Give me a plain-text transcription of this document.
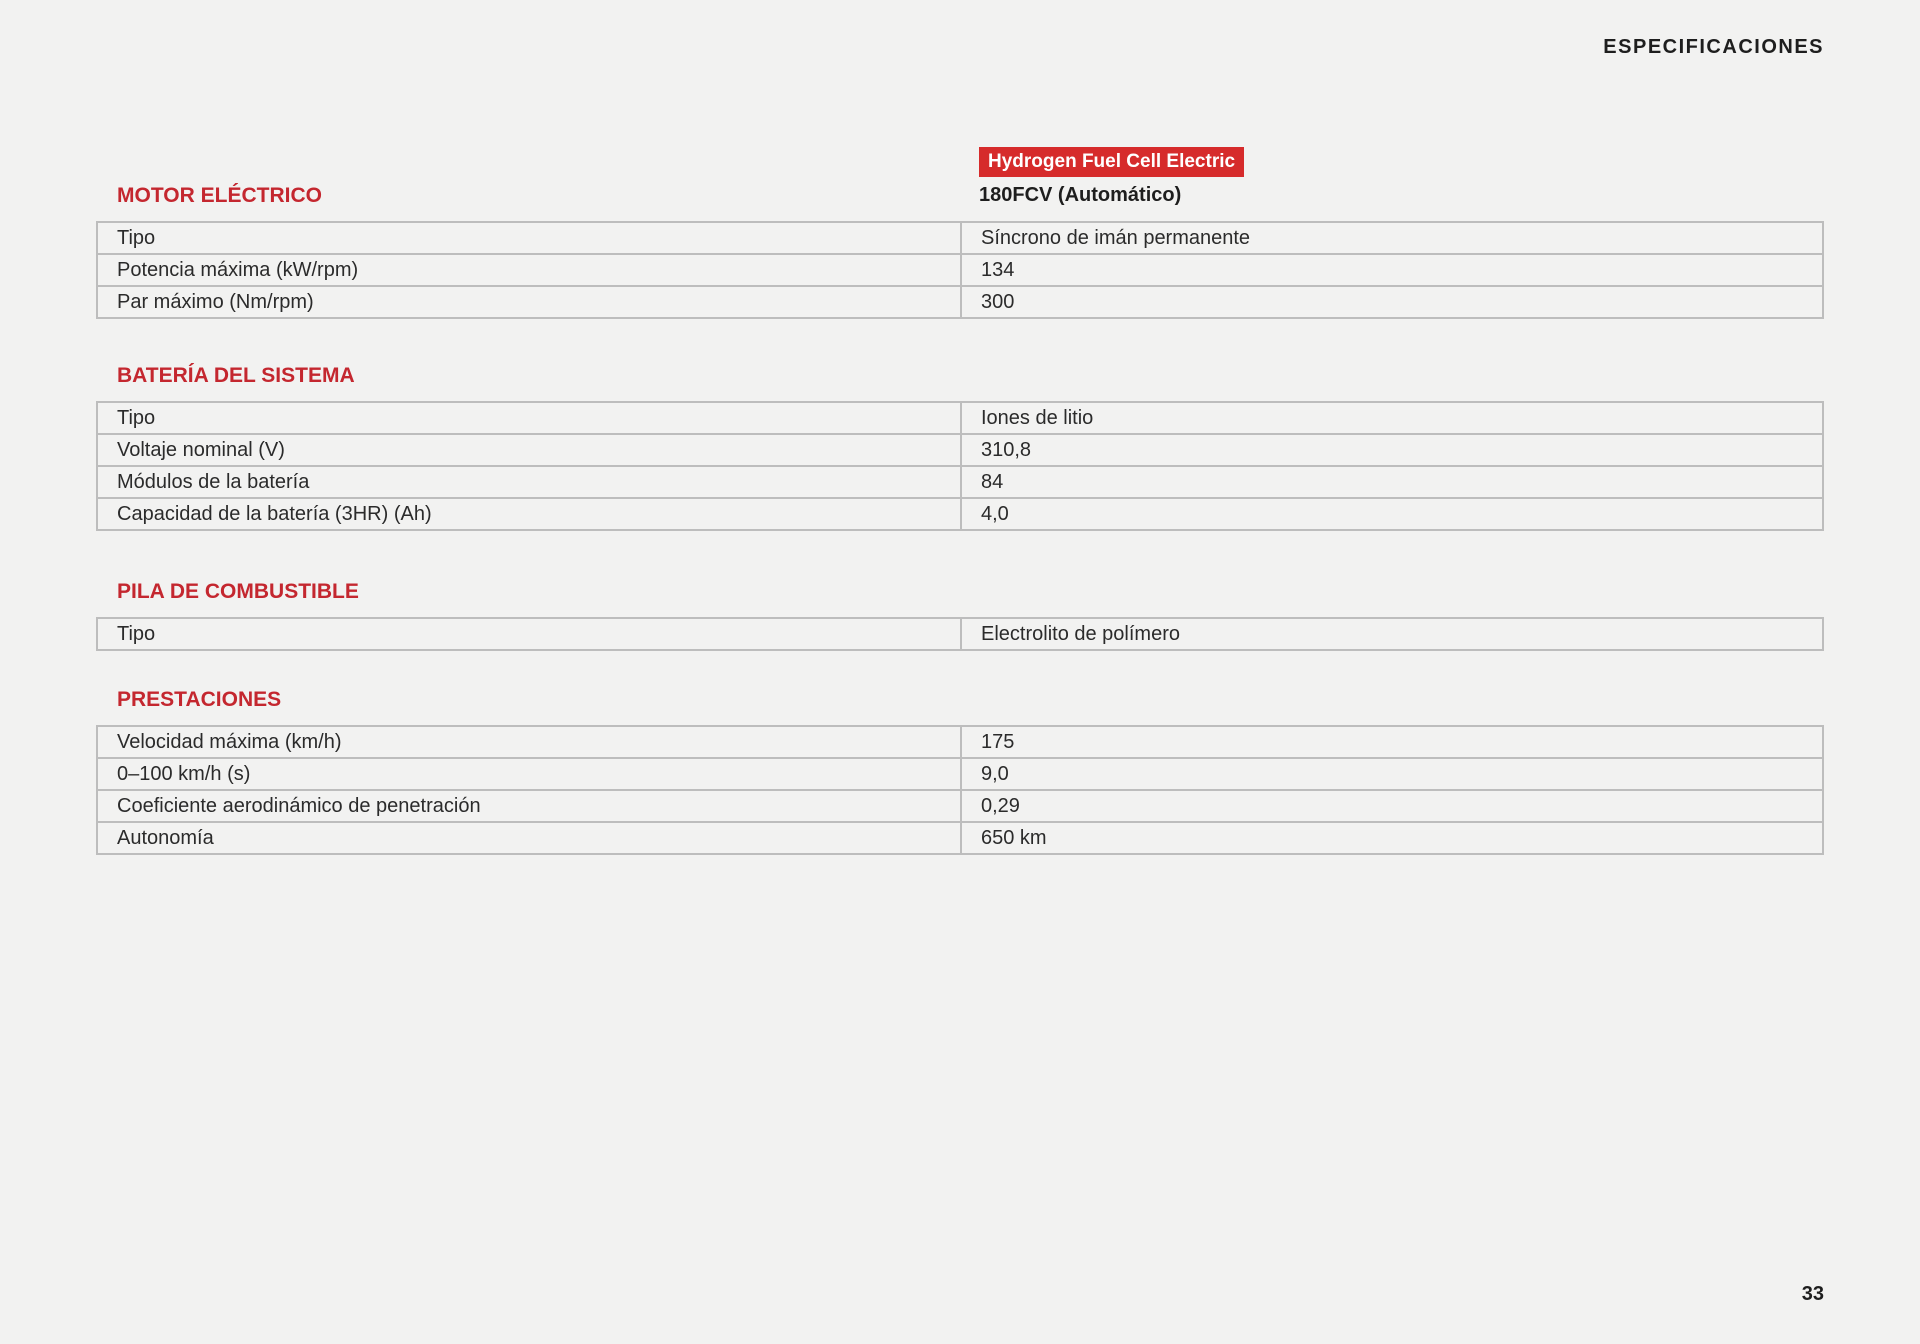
ESPECIFICACIONES
Hydrogen Fuel Cell Electric
180FCV (Automático)
MOTOR ELÉCTRICO
Tipo	Síncrono de imán permanente
Potencia máxima (kW/rpm)	134
Par máximo (Nm/rpm)	300
BATERÍA DEL SISTEMA
Tipo	Iones de litio
Voltaje nominal (V)	310,8
Módulos de la batería	84
Capacidad de la batería (3HR) (Ah)	4,0
PILA DE COMBUSTIBLE
Tipo	Electrolito de polímero
PRESTACIONES
Velocidad máxima (km/h)	175
0–100 km/h (s)	9,0
Coeficiente aerodinámico de penetración	0,29
Autonomía	650 km
33
